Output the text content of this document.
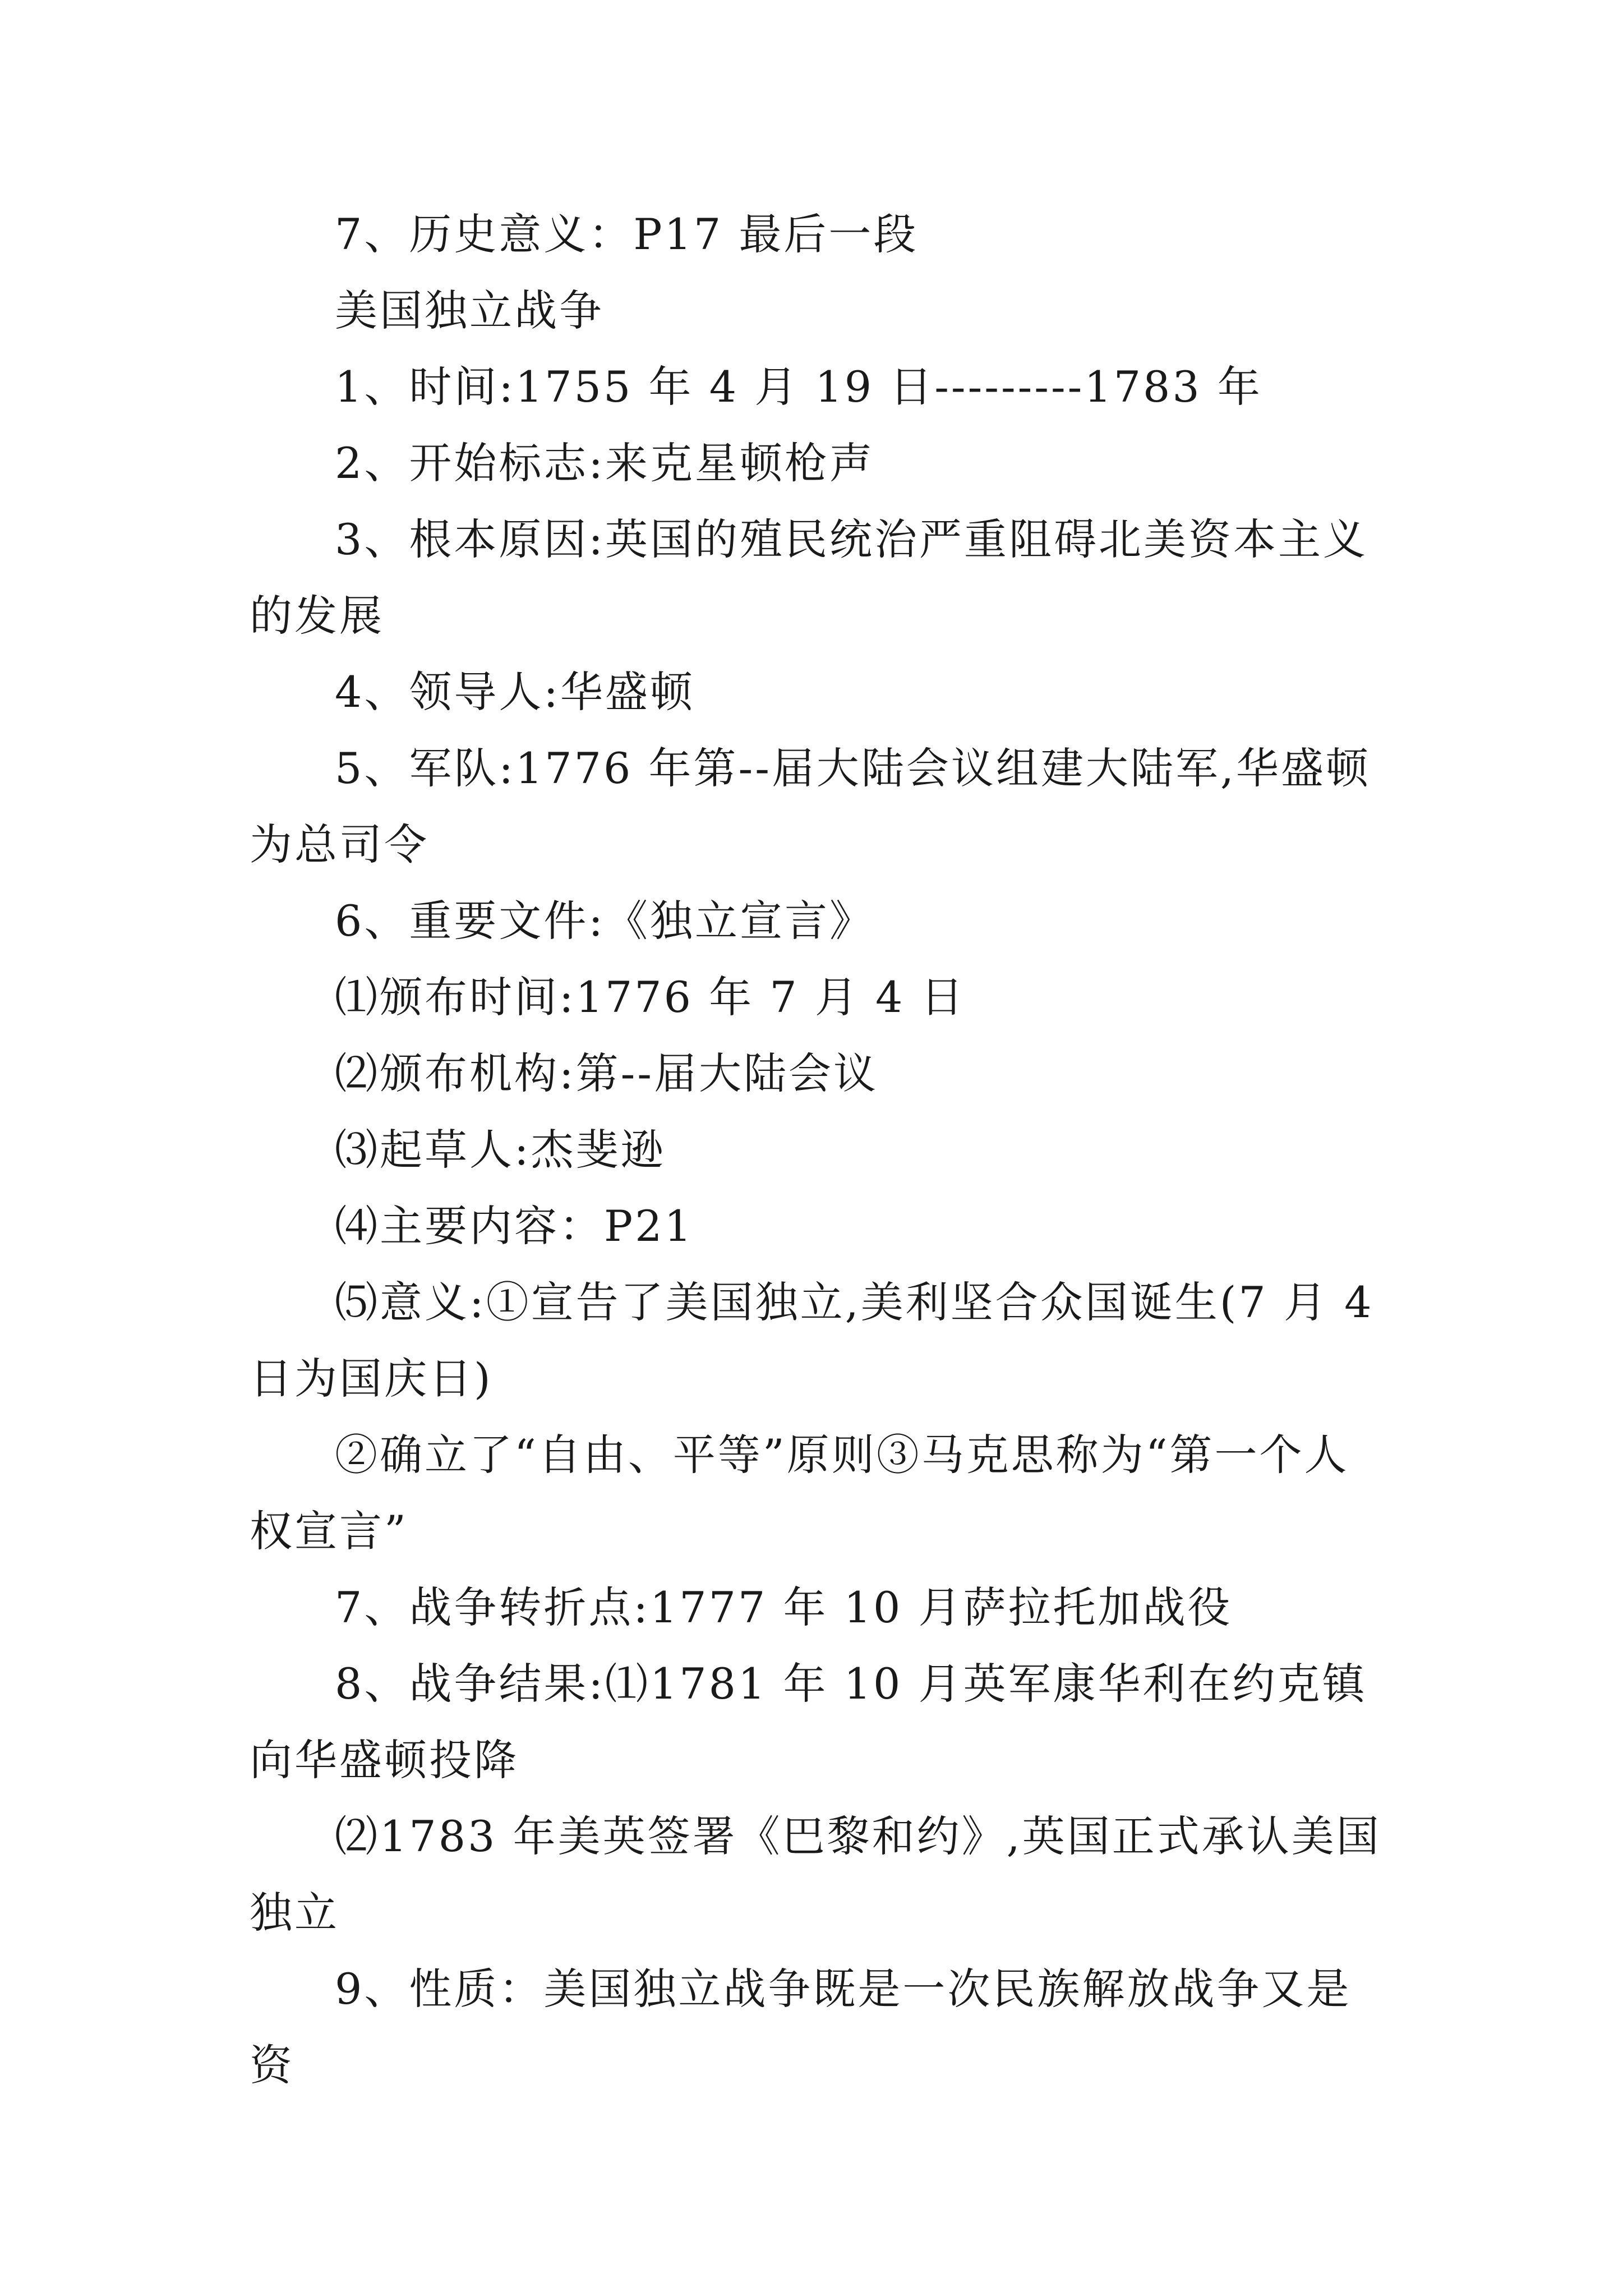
7、历史意义：P17 最后一段

美国独立战争

1、时间:1755 年 4 月 19 日---------1783 年

2、开始标志:来克星顿枪声

3、根本原因:英国的殖民统治严重阻碍北美资本主义的发展

4、领导人:华盛顿

5、军队:1776 年第--届大陆会议组建大陆军,华盛顿为总司令

6、重要文件:《独立宣言》

⑴颁布时间:1776 年 7 月 4 日

⑵颁布机构:第--届大陆会议

⑶起草人:杰斐逊

⑷主要内容：P21

⑸意义:①宣告了美国独立,美利坚合众国诞生(7 月 4 日为国庆日)

②确立了“自由、平等”原则③马克思称为“第一个人权宣言”

7、战争转折点:1777 年 10 月萨拉托加战役

8、战争结果:⑴1781 年 10 月英军康华利在约克镇向华盛顿投降

⑵1783 年美英签署《巴黎和约》,英国正式承认美国独立

9、性质：美国独立战争既是一次民族解放战争又是资
